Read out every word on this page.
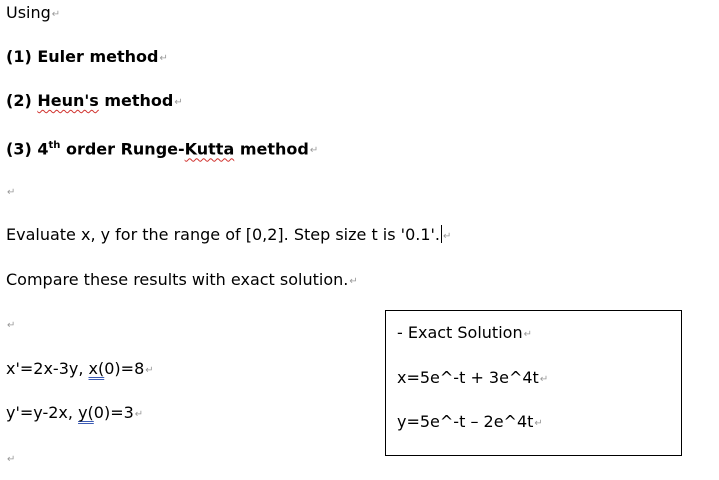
Using↵
(1) Euler method↵
(2) Heun's method↵
(3) 4th order Runge-Kutta method↵
↵
Evaluate x, y for the range of [0,2]. Step size t is '0.1'. ↵
Compare these results with exact solution.↵
↵
x'=2x-3y, x(0)=8↵
y'=y-2x, y(0)=3↵
↵
- Exact Solution↵
x=5e^-t + 3e^4t↵
y=5e^-t – 2e^4t↵
